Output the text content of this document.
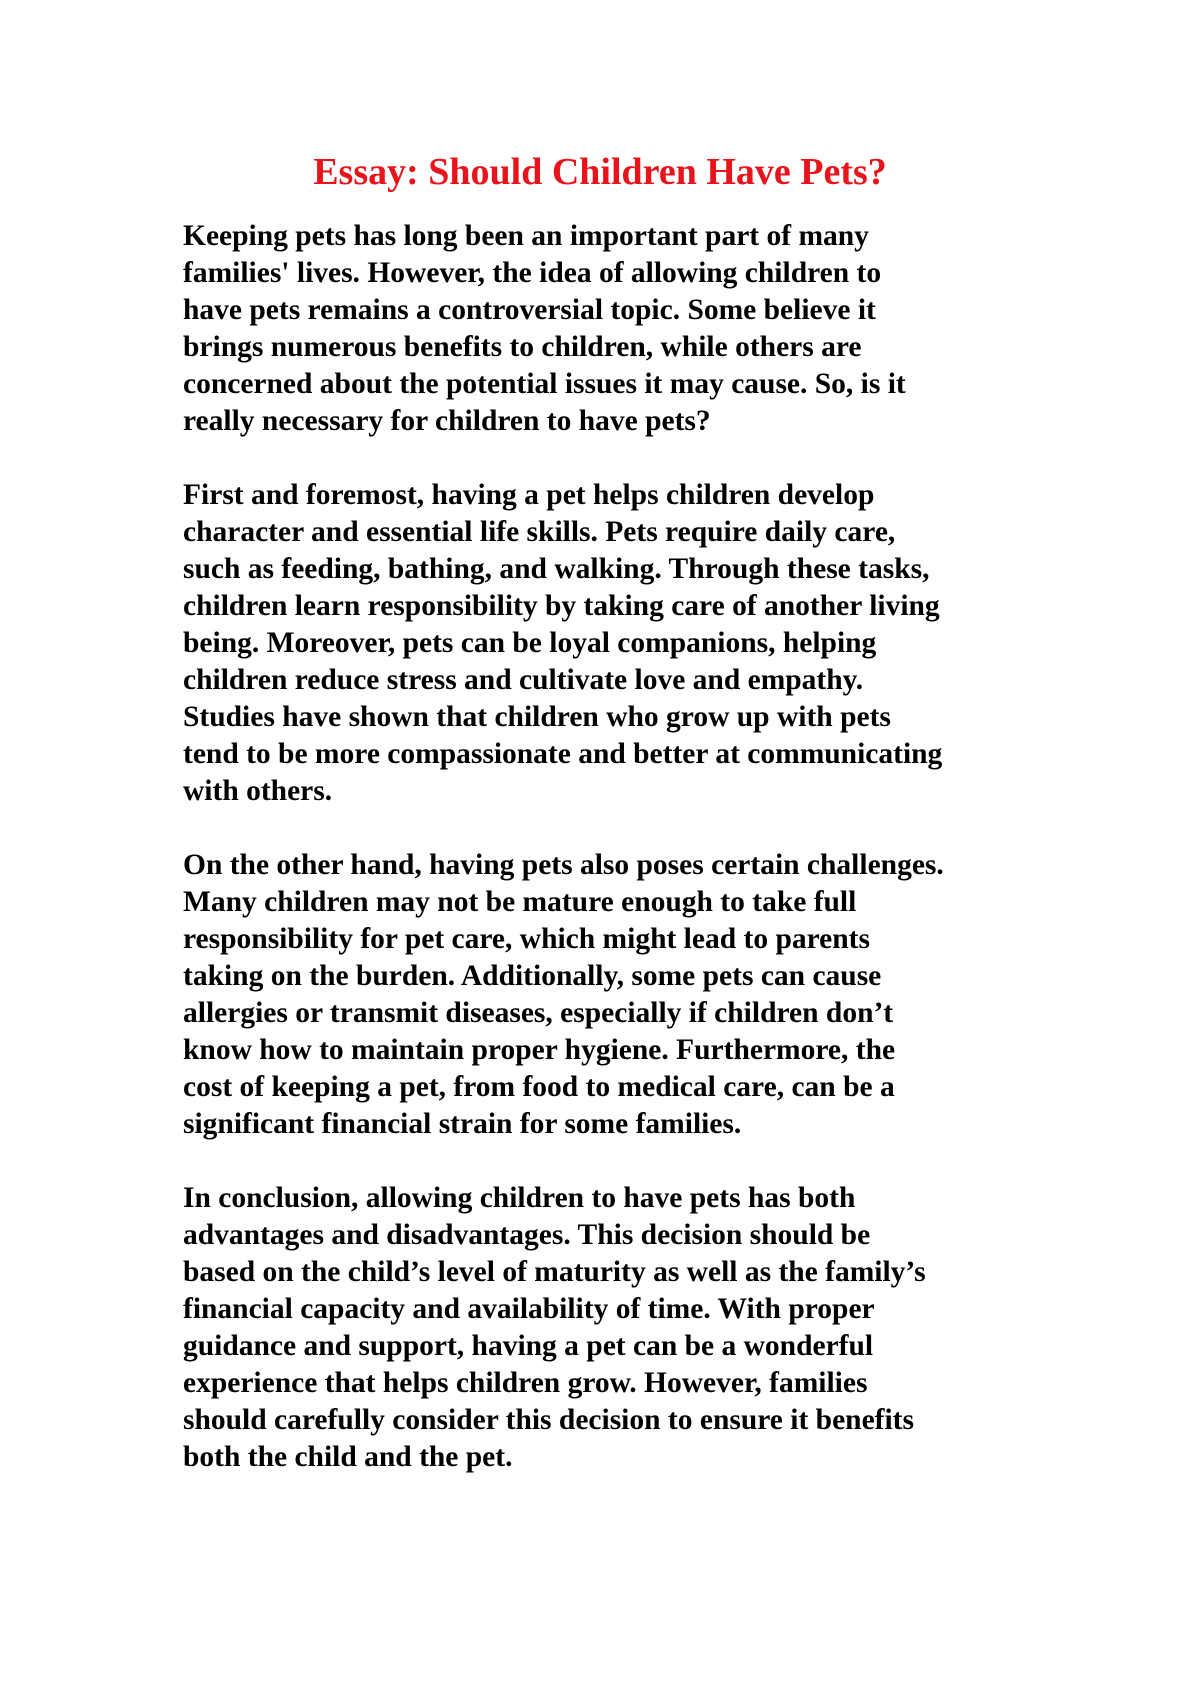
Essay: Should Children Have Pets?

Keeping pets has long been an important part of many
families' lives. However, the idea of allowing children to
have pets remains a controversial topic. Some believe it
brings numerous benefits to children, while others are
concerned about the potential issues it may cause. So, is it
really necessary for children to have pets?

First and foremost, having a pet helps children develop
character and essential life skills. Pets require daily care,
such as feeding, bathing, and walking. Through these tasks,
children learn responsibility by taking care of another living
being. Moreover, pets can be loyal companions, helping
children reduce stress and cultivate love and empathy.
Studies have shown that children who grow up with pets
tend to be more compassionate and better at communicating
with others.

On the other hand, having pets also poses certain challenges.
Many children may not be mature enough to take full
responsibility for pet care, which might lead to parents
taking on the burden. Additionally, some pets can cause
allergies or transmit diseases, especially if children don’t
know how to maintain proper hygiene. Furthermore, the
cost of keeping a pet, from food to medical care, can be a
significant financial strain for some families.

In conclusion, allowing children to have pets has both
advantages and disadvantages. This decision should be
based on the child’s level of maturity as well as the family’s
financial capacity and availability of time. With proper
guidance and support, having a pet can be a wonderful
experience that helps children grow. However, families
should carefully consider this decision to ensure it benefits
both the child and the pet.
